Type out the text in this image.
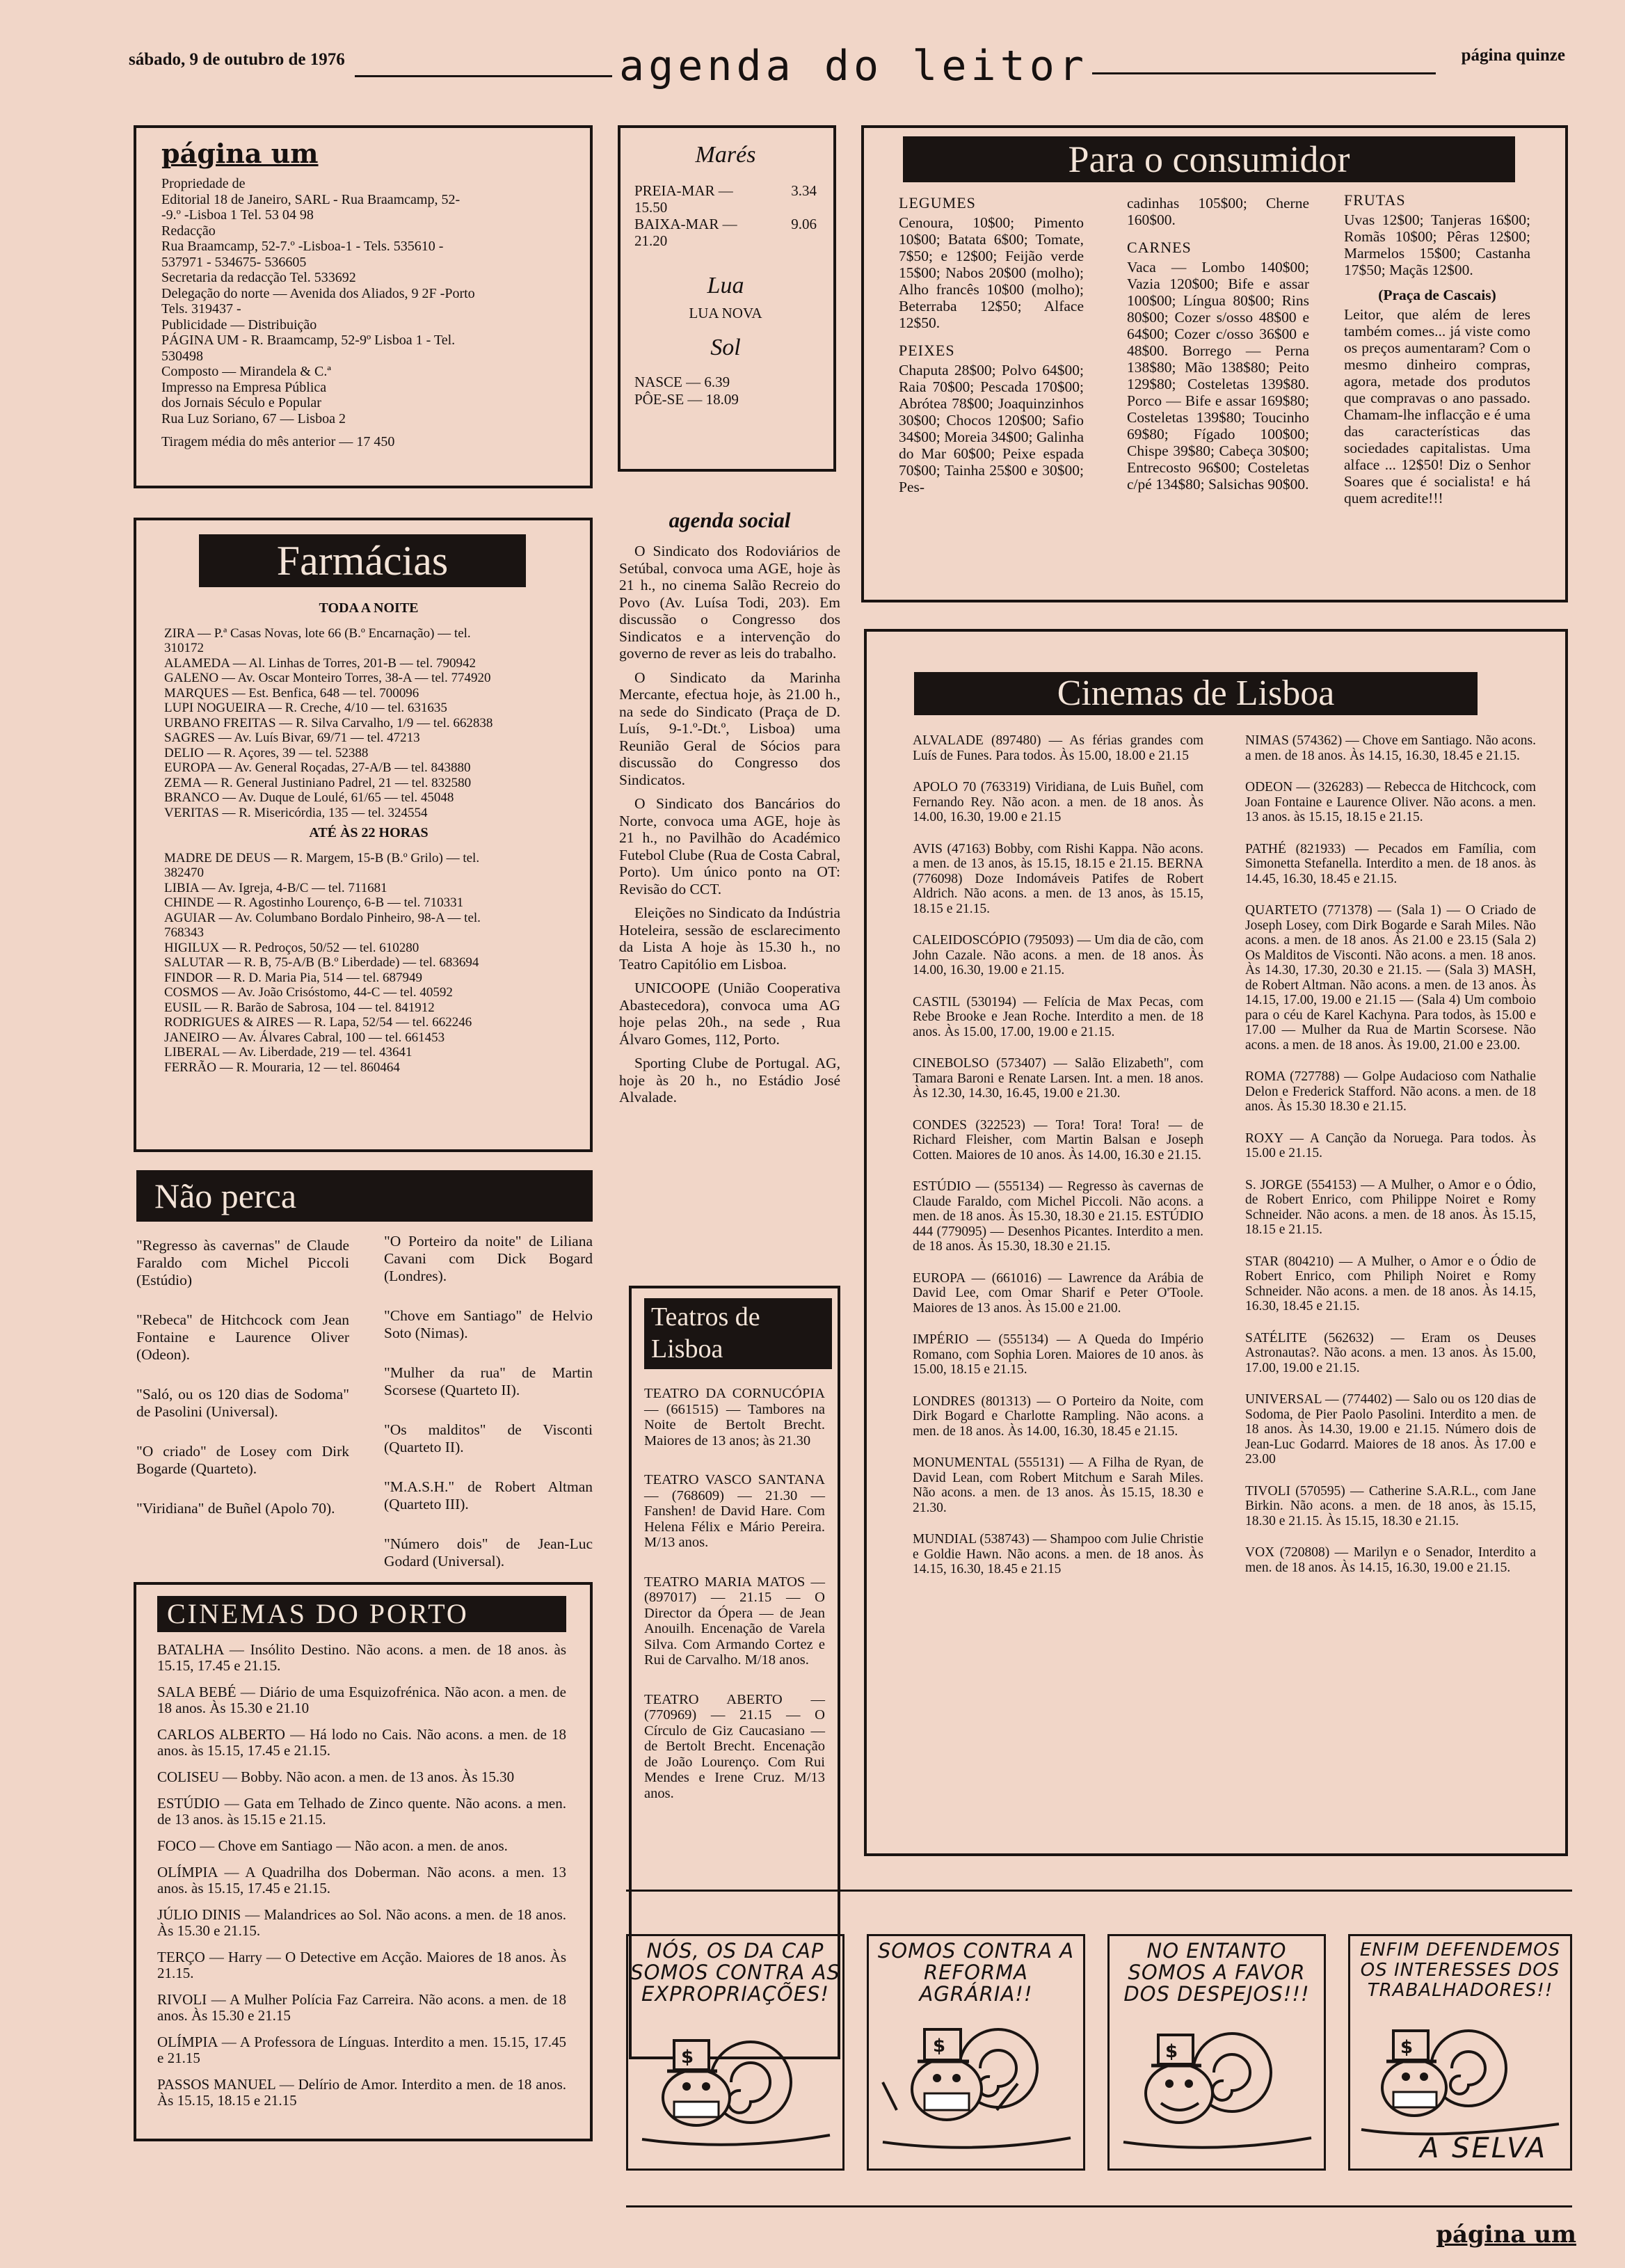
sábado, 9 de outubro de 1976	agenda do leitor	página quinze
página um
Propriedade de
Editorial 18 de Janeiro, SARL - Rua Braamcamp, 52-
-9.º -Lisboa 1 Tel. 53 04 98
Redacção
Rua Braamcamp, 52-7.º -Lisboa-1 - Tels. 535610 -
537971 - 534675- 536605
Secretaria da redacção Tel. 533692
Delegação do norte — Avenida dos Aliados, 9 2F -Porto
Tels. 319437 -
Publicidade — Distribuição
PÁGINA UM - R. Braamcamp, 52-9º Lisboa 1 - Tel.
530498
Composto — Mirandela & C.ª
Impresso na Empresa Pública
dos Jornais Século e Popular
Rua Luz Soriano, 67 — Lisboa 2
Tiragem média do mês anterior — 17 450
Marés
PREIA-MAR —	3.34
15.50
BAIXA-MAR —	9.06
21.20
Lua
LUA NOVA
Sol
NASCE — 6.39
PÔE-SE — 18.09
Para o consumidor
LEGUMES
Cenoura, 10$00; Pimento 10$00; Batata 6$00; Tomate, 7$50; e 12$00; Feijão verde 15$00; Nabos 20$00 (molho); Alho francês 10$00 (molho); Beterraba 12$50; Alface 12$50.
PEIXES
Chaputa 28$00; Polvo 64$00; Raia 70$00; Pescada 170$00; Abrótea 78$00; Joaquinzinhos 30$00; Chocos 120$00; Safio 34$00; Moreia 34$00; Galinha do Mar 60$00; Peixe espada 70$00; Tainha 25$00 e 30$00; Pes-
cadinhas 105$00; Cherne 160$00.
CARNES
Vaca — Lombo 140$00; Vazia 120$00; Bife e assar 100$00; Língua 80$00; Rins 80$00; Cozer s/osso 48$00 e 64$00; Cozer c/osso 36$00 e 48$00. Borrego — Perna 138$80; Mão 138$80; Peito 129$80; Costeletas 139$80. Porco — Bife e assar 169$80; Costeletas 139$80; Toucinho 69$80; Fígado 100$00; Chispe 39$80; Cabeça 30$00; Entrecosto 96$00; Costeletas c/pé 134$80; Salsichas 90$00.
FRUTAS
Uvas 12$00; Tanjeras 16$00; Romãs 10$00; Pêras 12$00; Marmelos 15$00; Castanha 17$50; Maçãs 12$00.
(Praça de Cascais)
Leitor, que além de leres também comes... já viste como os preços aumentaram? Com o mesmo dinheiro compras, agora, metade dos produtos que compravas o ano passado. Chamam-lhe inflacção e é uma das características das sociedades capitalistas. Uma alface ... 12$50! Diz o Senhor Soares que é socialista! e há quem acredite!!!
Farmácias
TODA A NOITE
ZIRA — P.ª Casas Novas, lote 66 (B.º Encarnação) — tel.
310172
ALAMEDA — Al. Linhas de Torres, 201-B — tel. 790942
GALENO — Av. Oscar Monteiro Torres, 38-A — tel. 774920
MARQUES — Est. Benfica, 648 — tel. 700096
LUPI NOGUEIRA — R. Creche, 4/10 — tel. 631635
URBANO FREITAS — R. Silva Carvalho, 1/9 — tel. 662838
SAGRES — Av. Luís Bivar, 69/71 — tel. 47213
DELIO — R. Açores, 39 — tel. 52388
EUROPA — Av. General Roçadas, 27-A/B — tel. 843880
ZEMA — R. General Justiniano Padrel, 21 — tel. 832580
BRANCO — Av. Duque de Loulé, 61/65 — tel. 45048
VERITAS — R. Misericórdia, 135 — tel. 324554
ATÉ ÀS 22 HORAS
MADRE DE DEUS — R. Margem, 15-B (B.º Grilo) — tel.
382470
LIBIA — Av. Igreja, 4-B/C — tel. 711681
CHINDE — R. Agostinho Lourenço, 6-B — tel. 710331
AGUIAR — Av. Columbano Bordalo Pinheiro, 98-A — tel.
768343
HIGILUX — R. Pedroços, 50/52 — tel. 610280
SALUTAR — R. B, 75-A/B (B.º Liberdade) — tel. 683694
FINDOR — R. D. Maria Pia, 514 — tel. 687949
COSMOS — Av. João Crisóstomo, 44-C — tel. 40592
EUSIL — R. Barão de Sabrosa, 104 — tel. 841912
RODRIGUES & AIRES — R. Lapa, 52/54 — tel. 662246
JANEIRO — Av. Álvares Cabral, 100 — tel. 661453
LIBERAL — Av. Liberdade, 219 — tel. 43641
FERRÃO — R. Mouraria, 12 — tel. 860464
agenda social
O Sindicato dos Rodoviários de Setúbal, convoca uma AGE, hoje às 21 h., no cinema Salão Recreio do Povo (Av. Luísa Todi, 203). Em discussão o Congresso dos Sindicatos e a intervenção do governo de rever as leis do trabalho.
O Sindicato da Marinha Mercante, efectua hoje, às 21.00 h., na sede do Sindicato (Praça de D. Luís, 9-1.º-Dt.º, Lisboa) uma Reunião Geral de Sócios para discussão do Congresso dos Sindicatos.
O Sindicato dos Bancários do Norte, convoca uma AGE, hoje às 21 h., no Pavilhão do Académico Futebol Clube (Rua de Costa Cabral, Porto). Um único ponto na OT: Revisão do CCT.
Eleições no Sindicato da Indústria Hoteleira, sessão de esclarecimento da Lista A hoje às 15.30 h., no Teatro Capitólio em Lisboa.
UNICOOPE (União Cooperativa Abastecedora), convoca uma AG hoje pelas 20h., na sede , Rua Álvaro Gomes, 112, Porto.
Sporting Clube de Portugal. AG, hoje às 20 h., no Estádio José Alvalade.
Não perca
"Regresso às cavernas" de Claude Faraldo com Michel Piccoli (Estúdio)
"Rebeca" de Hitchcock com Jean Fontaine e Laurence Oliver (Odeon).
"Saló, ou os 120 dias de Sodoma" de Pasolini (Universal).
"O criado" de Losey com Dirk Bogarde (Quarteto).
"Viridiana" de Buñel (Apolo 70).
"O Porteiro da noite" de Liliana Cavani com Dick Bogard (Londres).
"Chove em Santiago" de Helvio Soto (Nimas).
"Mulher da rua" de Martin Scorsese (Quarteto II).
"Os malditos" de Visconti (Quarteto II).
"M.A.S.H." de Robert Altman (Quarteto III).
"Número dois" de Jean-Luc Godard (Universal).
Teatros de Lisboa
TEATRO DA CORNUCÓPIA — (661515) — Tambores na Noite de Bertolt Brecht. Maiores de 13 anos; às 21.30
TEATRO VASCO SANTANA — (768609) — 21.30 — Fanshen! de David Hare. Com Helena Félix e Mário Pereira. M/13 anos.
TEATRO MARIA MATOS — (897017) — 21.15 — O Director da Ópera — de Jean Anouilh. Encenação de Varela Silva. Com Armando Cortez e Rui de Carvalho. M/18 anos.
TEATRO ABERTO — (770969) — 21.15 — O Círculo de Giz Caucasiano — de Bertolt Brecht. Encenação de João Lourenço. Com Rui Mendes e Irene Cruz. M/13 anos.
CINEMAS DO PORTO
BATALHA — Insólito Destino. Não acons. a men. de 18 anos. às 15.15, 17.45 e 21.15.
SALA BEBÉ — Diário de uma Esquizofrénica. Não acon. a men. de 18 anos. Às 15.30 e 21.10
CARLOS ALBERTO — Há lodo no Cais. Não acons. a men. de 18 anos. às 15.15, 17.45 e 21.15.
COLISEU — Bobby. Não acon. a men. de 13 anos. Às 15.30
ESTÚDIO — Gata em Telhado de Zinco quente. Não acons. a men. de 13 anos. às 15.15 e 21.15.
FOCO — Chove em Santiago — Não acon. a men. de anos.
OLÍMPIA — A Quadrilha dos Doberman. Não acons. a men. 13 anos. às 15.15, 17.45 e 21.15.
JÚLIO DINIS — Malandrices ao Sol. Não acons. a men. de 18 anos. Às 15.30 e 21.15.
TERÇO — Harry — O Detective em Acção. Maiores de 18 anos. Às 21.15.
RIVOLI — A Mulher Polícia Faz Carreira. Não acons. a men. de 18 anos. Às 15.30 e 21.15
OLÍMPIA — A Professora de Línguas. Interdito a men. 15.15, 17.45 e 21.15
PASSOS MANUEL — Delírio de Amor. Interdito a men. de 18 anos. Às 15.15, 18.15 e 21.15
Cinemas de Lisboa
ALVALADE (897480) — As férias grandes com Luís de Funes. Para todos. Às 15.00, 18.00 e 21.15
APOLO 70 (763319) Viridiana, de Luis Buñel, com Fernando Rey. Não acon. a men. de 18 anos. Às 14.00, 16.30, 19.00 e 21.15
AVIS (47163) Bobby, com Rishi Kappa. Não acons. a men. de 13 anos, às 15.15, 18.15 e 21.15. BERNA (776098) Doze Indomáveis Patifes de Robert Aldrich. Não acons. a men. de 13 anos, às 15.15, 18.15 e 21.15.
CALEIDOSCÓPIO (795093) — Um dia de cão, com John Cazale. Não acons. a men. de 18 anos. Às 14.00, 16.30, 19.00 e 21.15.
CASTIL (530194) — Felícia de Max Pecas, com Rebe Brooke e Jean Roche. Interdito a men. de 18 anos. Às 15.00, 17.00, 19.00 e 21.15.
CINEBOLSO (573407) — Salão Elizabeth", com Tamara Baroni e Renate Larsen. Int. a men. 18 anos. Às 12.30, 14.30, 16.45, 19.00 e 21.30.
CONDES (322523) — Tora! Tora! Tora! — de Richard Fleisher, com Martin Balsan e Joseph Cotten. Maiores de 10 anos. Às 14.00, 16.30 e 21.15.
ESTÚDIO — (555134) — Regresso às cavernas de Claude Faraldo, com Michel Piccoli. Não acons. a men. de 18 anos. Às 15.30, 18.30 e 21.15. ESTÚDIO 444 (779095) — Desenhos Picantes. Interdito a men. de 18 anos. Às 15.30, 18.30 e 21.15.
EUROPA — (661016) — Lawrence da Arábia de David Lee, com Omar Sharif e Peter O'Toole. Maiores de 13 anos. Às 15.00 e 21.00.
IMPÉRIO — (555134) — A Queda do Império Romano, com Sophia Loren. Maiores de 10 anos. às 15.00, 18.15 e 21.15.
LONDRES (801313) — O Porteiro da Noite, com Dirk Bogard e Charlotte Rampling. Não acons. a men. de 18 anos. Às 14.00, 16.30, 18.45 e 21.15.
MONUMENTAL (555131) — A Filha de Ryan, de David Lean, com Robert Mitchum e Sarah Miles. Não acons. a men. de 13 anos. Às 15.15, 18.30 e 21.30.
MUNDIAL (538743) — Shampoo com Julie Christie e Goldie Hawn. Não acons. a men. de 18 anos. Às 14.15, 16.30, 18.45 e 21.15
NIMAS (574362) — Chove em Santiago. Não acons. a men. de 18 anos. Às 14.15, 16.30, 18.45 e 21.15.
ODEON — (326283) — Rebecca de Hitchcock, com Joan Fontaine e Laurence Oliver. Não acons. a men. 13 anos. às 15.15, 18.15 e 21.15.
PATHÉ (821933) — Pecados em Família, com Simonetta Stefanella. Interdito a men. de 18 anos. às 14.45, 16.30, 18.45 e 21.15.
QUARTETO (771378) — (Sala 1) — O Criado de Joseph Losey, com Dirk Bogarde e Sarah Miles. Não acons. a men. de 18 anos. Às 21.00 e 23.15 (Sala 2) Os Malditos de Visconti. Não acons. a men. 18 anos. Às 14.30, 17.30, 20.30 e 21.15. — (Sala 3) MASH, de Robert Altman. Não acons. a men. de 13 anos. Às 14.15, 17.00, 19.00 e 21.15 — (Sala 4) Um comboio para o céu de Karel Kachyna. Para todos, às 15.00 e 17.00 — Mulher da Rua de Martin Scorsese. Não acons. a men. de 18 anos. Às 19.00, 21.00 e 23.00.
ROMA (727788) — Golpe Audacioso com Nathalie Delon e Frederick Stafford. Não acons. a men. de 18 anos. Às 15.30 18.30 e 21.15.
ROXY — A Canção da Noruega. Para todos. Às 15.00 e 21.15.
S. JORGE (554153) — A Mulher, o Amor e o Ódio, de Robert Enrico, com Philippe Noiret e Romy Schneider. Não acons. a men. de 18 anos. Às 15.15, 18.15 e 21.15.
STAR (804210) — A Mulher, o Amor e o Ódio de Robert Enrico, com Philiph Noiret e Romy Schneider. Não acons. a men. de 18 anos. Às 14.15, 16.30, 18.45 e 21.15.
SATÉLITE (562632) — Eram os Deuses Astronautas?. Não acons. a men. 13 anos. Às 15.00, 17.00, 19.00 e 21.15.
UNIVERSAL — (774402) — Salo ou os 120 dias de Sodoma, de Pier Paolo Pasolini. Interdito a men. de 18 anos. Às 14.30, 19.00 e 21.15. Número dois de Jean-Luc Godarrd. Maiores de 18 anos. Às 17.00 e 23.00
TIVOLI (570595) — Catherine S.A.R.L., com Jane Birkin. Não acons. a men. de 18 anos, às 15.15, 18.30 e 21.15. Às 15.15, 18.30 e 21.15.
VOX (720808) — Marilyn e o Senador, Interdito a men. de 18 anos. Às 14.15, 16.30, 19.00 e 21.15.
NÓS, OS DA CAP SOMOS CONTRA AS EXPROPRIAÇÕES!
$
SOMOS CONTRA A REFORMA AGRÁRIA!!
$
NO ENTANTO SOMOS A FAVOR DOS DESPEJOS!!!
$
ENFIM DEFENDEMOS OS INTERESSES DOS TRABALHADORES!!
$
A SELVA
página um
